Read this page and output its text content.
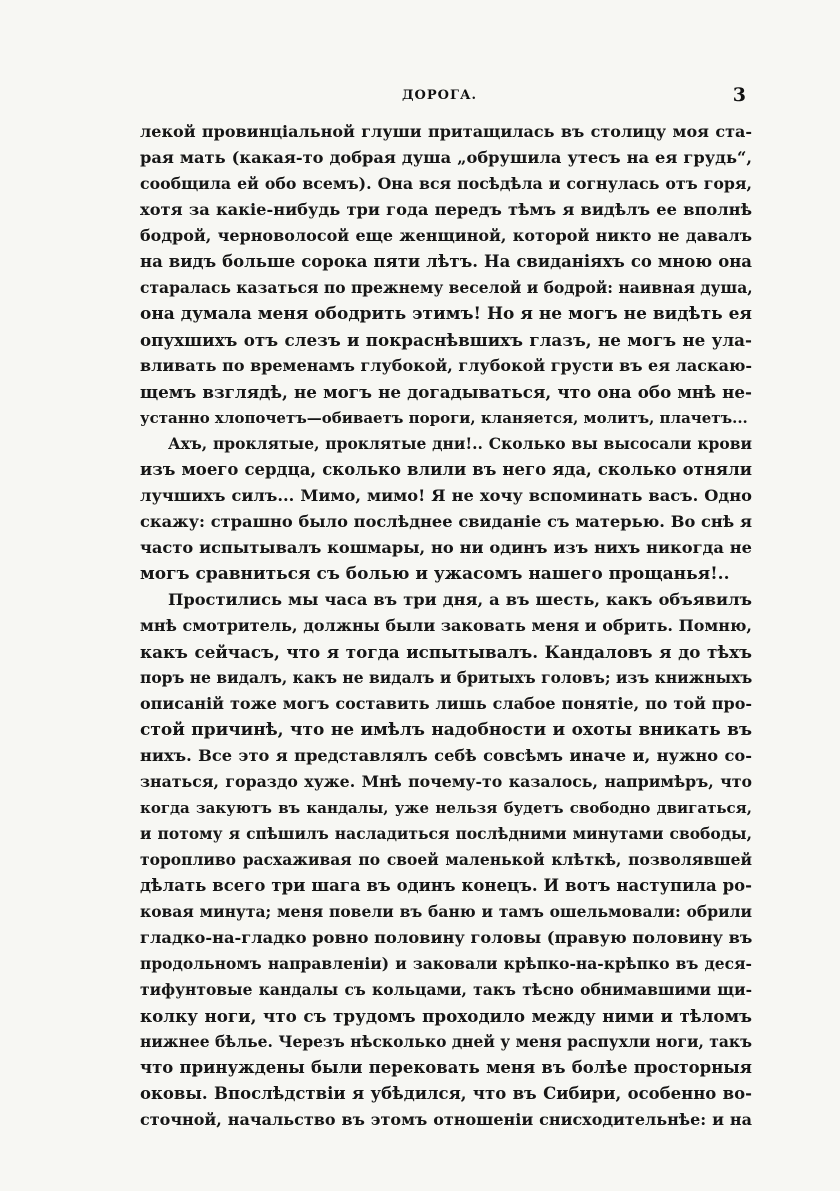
ДОРОГА.	3
лекой провинціальной глуши притащилась въ столицу моя ста-
рая мать (какая-то добрая душа „обрушила утесъ на ея грудь“,
сообщила ей обо всемъ). Она вся посѣдѣла и согнулась отъ горя,
хотя за какіе-нибудь три года передъ тѣмъ я видѣлъ ее вполнѣ
бодрой, черноволосой еще женщиной, которой никто не давалъ
на видъ больше сорока пяти лѣтъ. На свиданіяхъ со мною она
старалась казаться по прежнему веселой и бодрой: наивная душа,
она думала меня ободрить этимъ! Но я не могъ не видѣть ея
опухшихъ отъ слезъ и покраснѣвшихъ глазъ, не могъ не ула-
вливать по временамъ глубокой, глубокой грусти въ ея ласкаю-
щемъ взглядѣ, не могъ не догадываться, что она обо мнѣ не-
устанно хлопочетъ—обиваетъ пороги, кланяется, молитъ, плачетъ...
Ахъ, проклятые, проклятые дни!.. Сколько вы высосали крови
изъ моего сердца, сколько влили въ него яда, сколько отняли
лучшихъ силъ... Мимо, мимо! Я не хочу вспоминать васъ. Одно
скажу: страшно было послѣднее свиданіе съ матерью. Во снѣ я
часто испытывалъ кошмары, но ни одинъ изъ нихъ никогда не
могъ сравниться съ болью и ужасомъ нашего прощанья!..
Простились мы часа въ три дня, а въ шесть, какъ объявилъ
мнѣ смотритель, должны были заковать меня и обрить. Помню,
какъ сейчасъ, что я тогда испытывалъ. Кандаловъ я до тѣхъ
поръ не видалъ, какъ не видалъ и бритыхъ головъ; изъ книжныхъ
описаній тоже могъ составить лишь слабое понятіе, по той про-
стой причинѣ, что не имѣлъ надобности и охоты вникать въ
нихъ. Все это я представлялъ себѣ совсѣмъ иначе и, нужно со-
знаться, гораздо хуже. Мнѣ почему-то казалось, напримѣръ, что
когда закуютъ въ кандалы, уже нельзя будетъ свободно двигаться,
и потому я спѣшилъ насладиться послѣдними минутами свободы,
торопливо расхаживая по своей маленькой клѣткѣ, позволявшей
дѣлать всего три шага въ одинъ конецъ. И вотъ наступила ро-
ковая минута; меня повели въ баню и тамъ ошельмовали: обрили
гладко-на-гладко ровно половину головы (правую половину въ
продольномъ направленіи) и заковали крѣпко-на-крѣпко въ деся-
тифунтовые кандалы съ кольцами, такъ тѣсно обнимавшими щи-
колку ноги, что съ трудомъ проходило между ними и тѣломъ
нижнее бѣлье. Черезъ нѣсколько дней у меня распухли ноги, такъ
что принуждены были перековать меня въ болѣе просторныя
оковы. Впослѣдствіи я убѣдился, что въ Сибири, особенно во-
сточной, начальство въ этомъ отношеніи снисходительнѣе: и на
